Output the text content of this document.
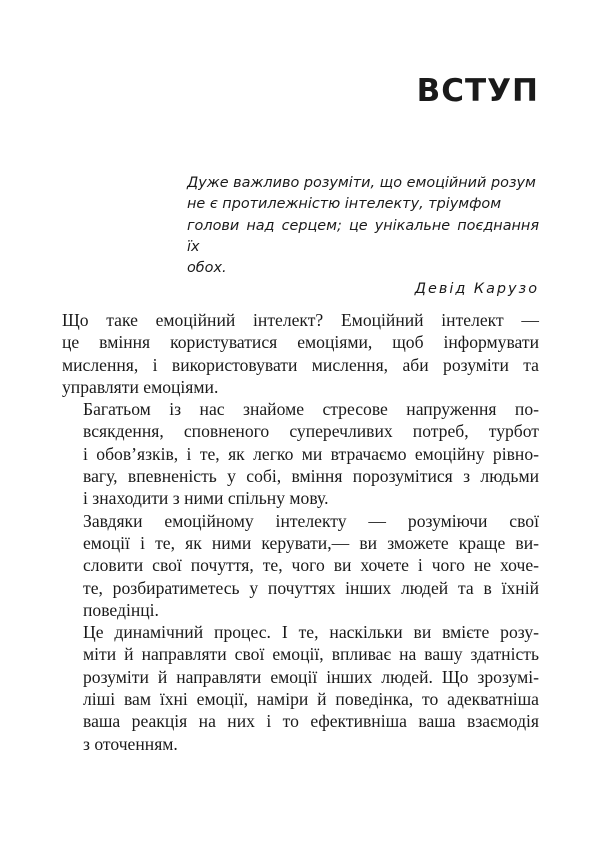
ВСТУП

Дуже важливо розуміти, що емоційний розум
не є протилежністю інтелекту, тріумфом
голови над серцем; це унікальне поєднання їх
обох.

Девід Карузо

Що таке емоційний інтелект? Емоційний інтелект —
це вміння користуватися емоціями, щоб інформувати
мислення, і використовувати мислення, аби розуміти та
управляти емоціями.

Багатьом із нас знайоме стресове напруження по-
всякдення, сповненого суперечливих потреб, турбот
і обов’язків, і те, як легко ми втрачаємо емоційну рівно-
вагу, впевненість у собі, вміння порозумітися з людьми
і знаходити з ними спільну мову.

Завдяки емоційному інтелекту — розуміючи свої
емоції і те, як ними керувати,— ви зможете краще ви-
словити свої почуття, те, чого ви хочете і чого не хоче-
те, розбиратиметесь у почуттях інших людей та в їхній
поведінці.

Це динамічний процес. І те, наскільки ви вмієте розу-
міти й направляти свої емоції, впливає на вашу здатність
розуміти й направляти емоції інших людей. Що зрозумі-
ліші вам їхні емоції, наміри й поведінка, то адекватніша
ваша реакція на них і то ефективніша ваша взаємодія
з оточенням.
